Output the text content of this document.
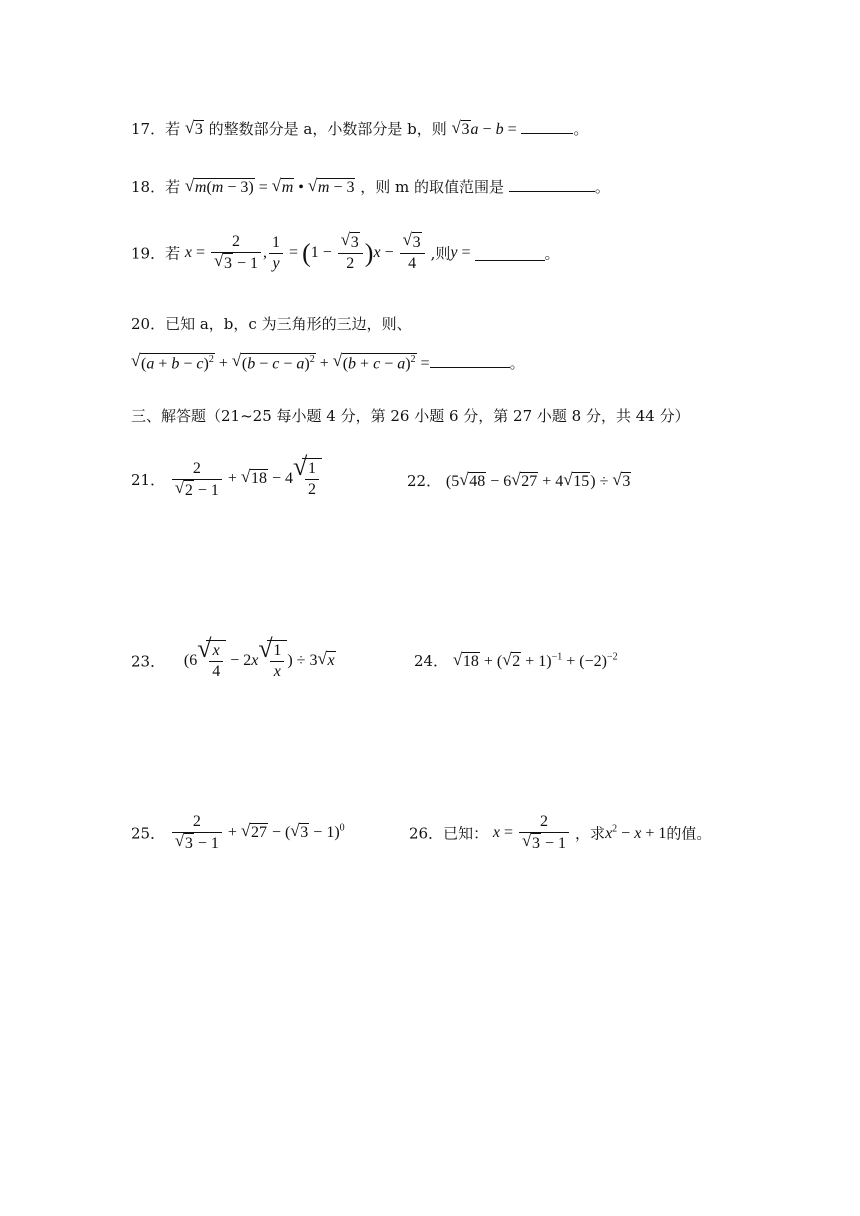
17．若 √ 3 的整数部分是 a，小数部分是 b，则 √ 3a − b =	。
18．若 √ m(m − 3) = √ m • √ m − 3 ，则 m 的取值范围是	。
19．若 $x = \frac{2}{√ 3 - 1}$ , $\frac{1}{y} = (1 - \frac{√ 3}{2} )x - \frac{√ 3}{4}$ ,则y =	。
20．已知 a，b，c 为三角形的三边，则、
√ $(a + b - c)^2$ + √ $(b - c - a)^2$ + √ $(b + c - a)^2$ =	。
三、解答题（21~25 每小题 4 分，第 26 小题 6 分，第 27 小题 8 分，共 44 分）
21． $\frac{2}{√ 2 - 1}$ + √ 18 − 4 √
$\frac{1}{2}$	22． (5 √ 48 − 6 √ 27 + 4 √ 15) ÷ √ 3
23． (6 √
$\frac{x}{4} - 2x$ √
$\frac{1}{x}$ ) ÷ 3 √ x	24． √ 18 + ( √ $2 + 1)^{-1} + (-2)^{-2}$
25． $\frac{2}{√ 3 - 1}$ + √ 27 − ( √ 3 − 1)$^0$	26．已知： $x = \frac{2}{√ 3 - 1}$ ，求$x^2 - x + 1$的值。
